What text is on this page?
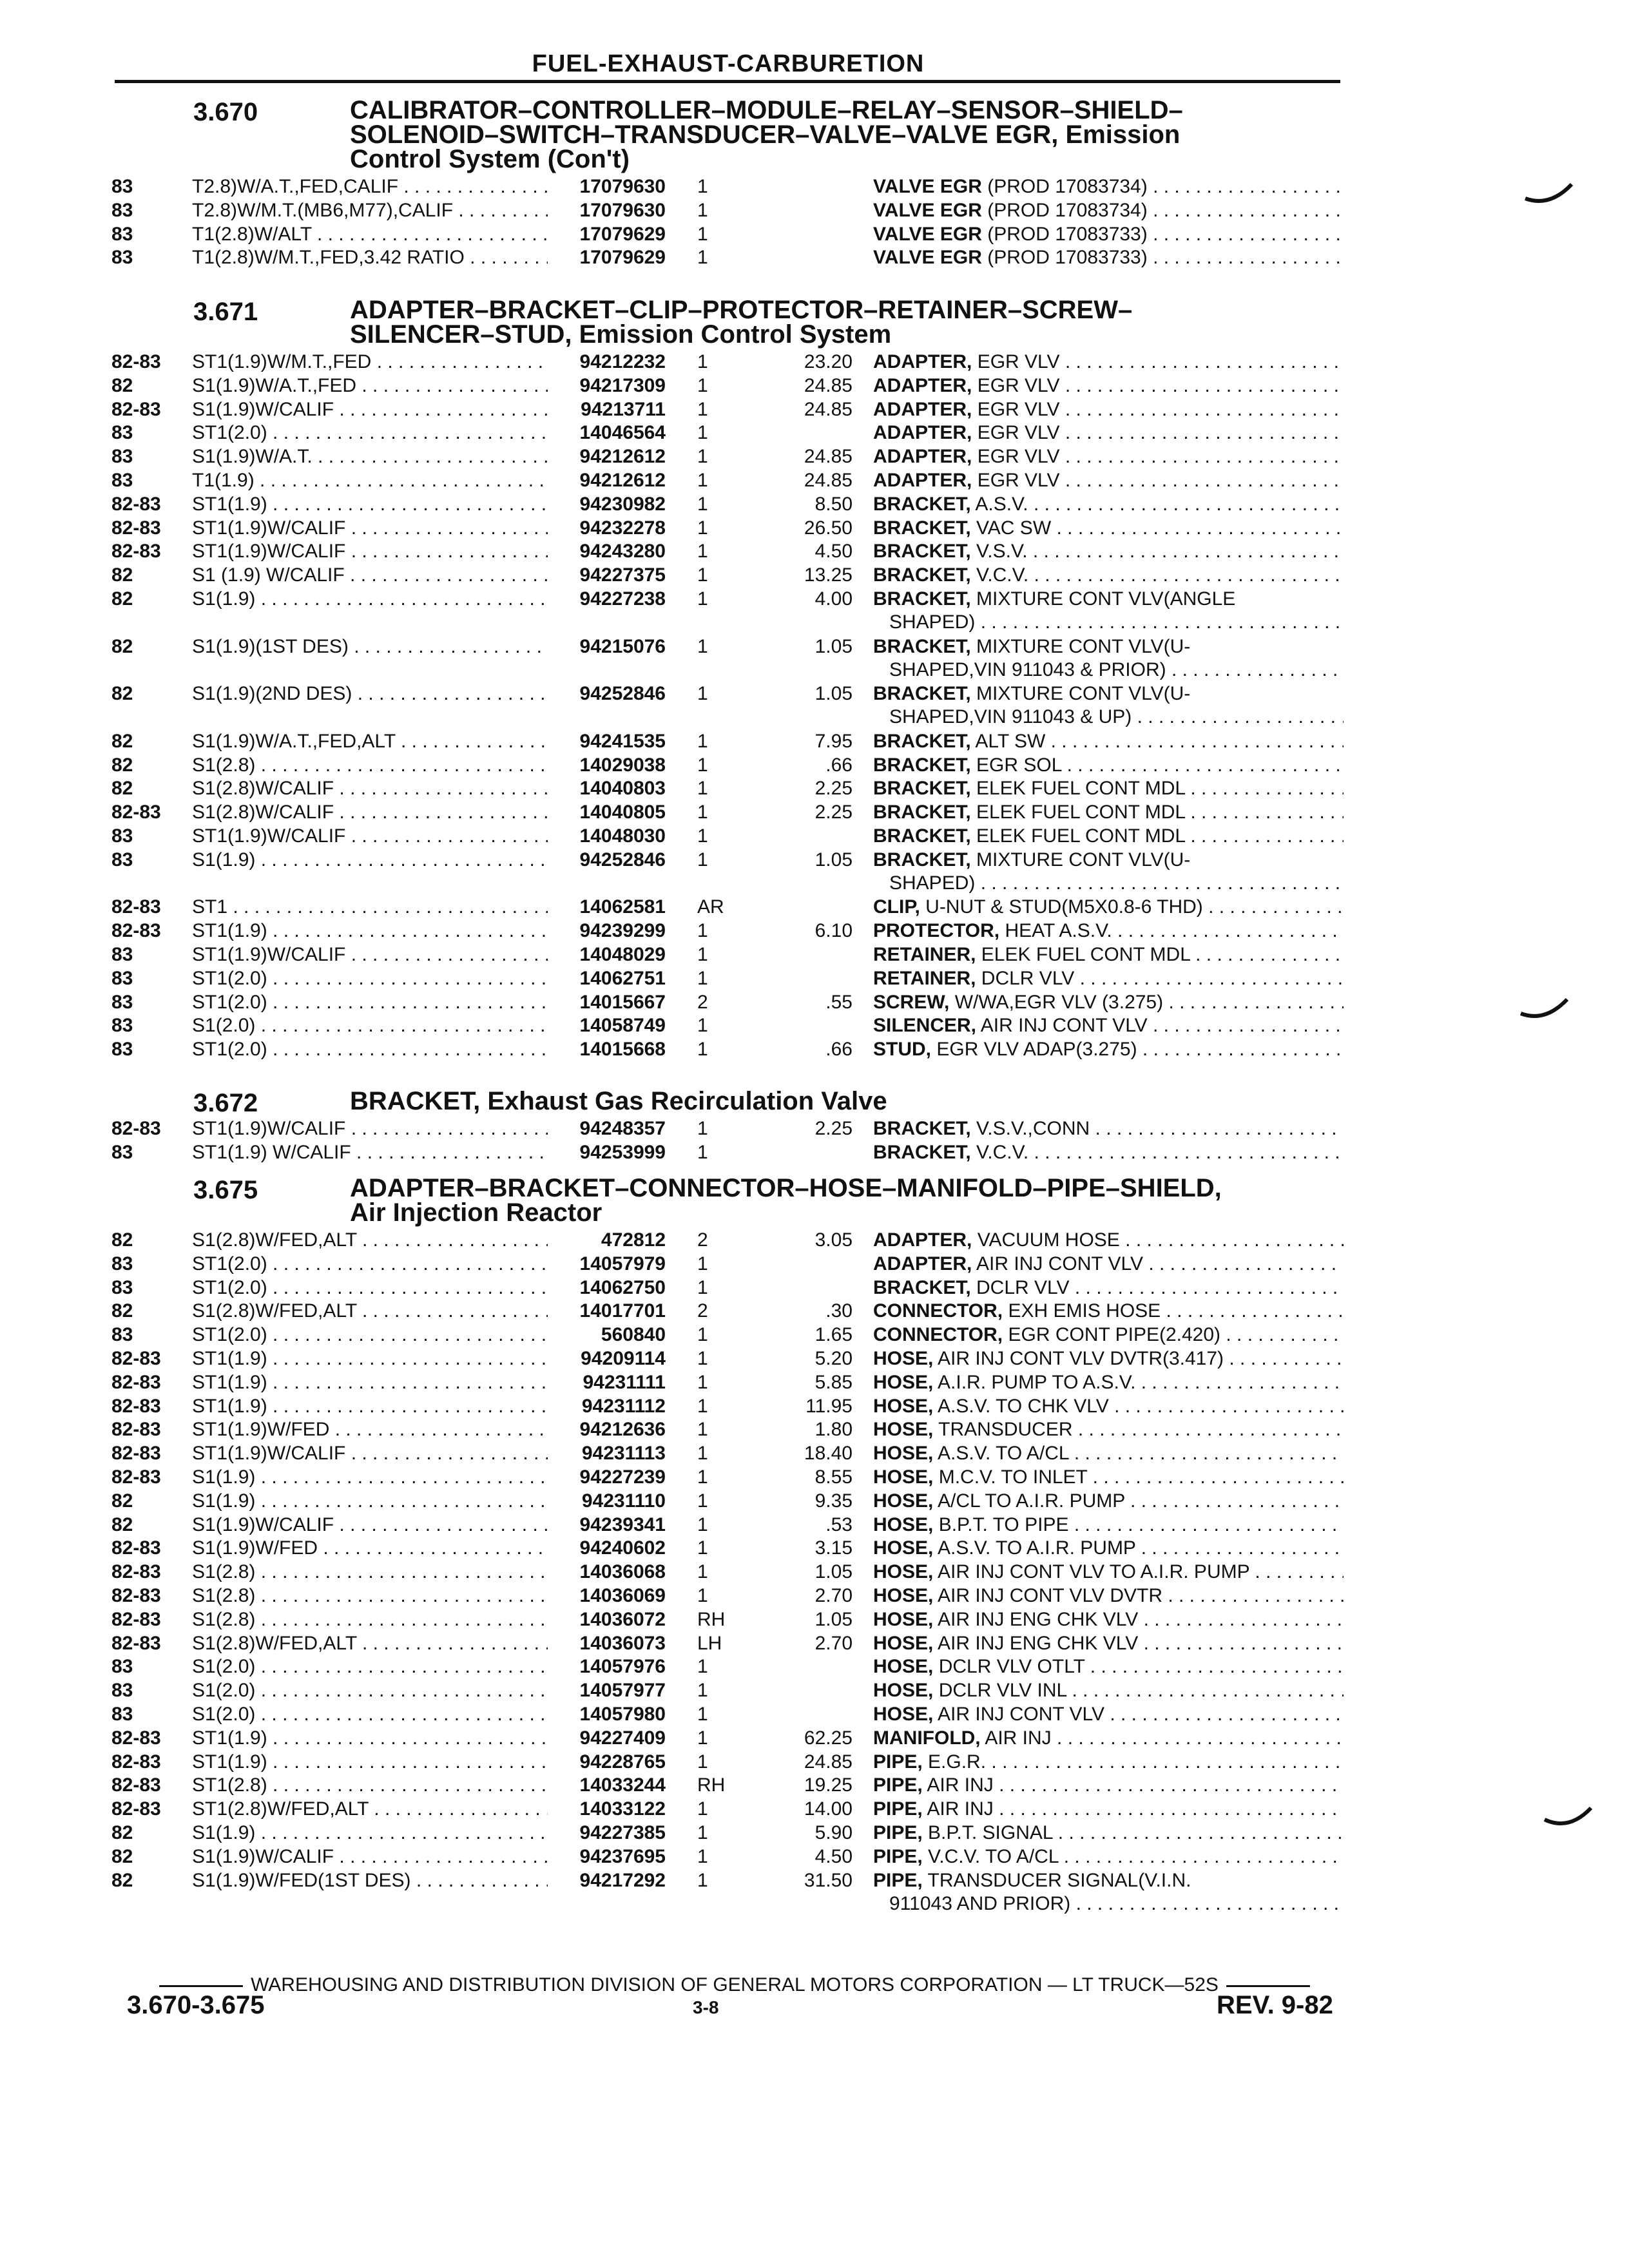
FUEL-EXHAUST-CARBURETION
3.670	CALIBRATOR–CONTROLLER–MODULE–RELAY–SENSOR–SHIELD–
SOLENOID–SWITCH–TRANSDUCER–VALVE–VALVE EGR, Emission
Control System (Con't)
83	T2.8)W/A.T.,FED,CALIF . . .	17079630 1	VALVE EGR (PROD 17083734) . . .
83	T2.8)W/M.T.(MB6,M77),CALIF . . .	17079630 1	VALVE EGR (PROD 17083734) . . .
83	T1(2.8)W/ALT . . .	17079629 1	VALVE EGR (PROD 17083733) . . .
83	T1(2.8)W/M.T.,FED,3.42 RATIO . . .	17079629 1	VALVE EGR (PROD 17083733) . . .
3.671	ADAPTER–BRACKET–CLIP–PROTECTOR–RETAINER–SCREW–
SILENCER–STUD, Emission Control System
82-83 ST1(1.9)W/M.T.,FED . . .	94212232 1	23.20 ADAPTER, EGR VLV . . .
82	S1(1.9)W/A.T.,FED . . .	94217309 1	24.85 ADAPTER, EGR VLV . . .
82-83 S1(1.9)W/CALIF . . .	94213711 1	24.85 ADAPTER, EGR VLV . . .
83	ST1(2.0) . . .	14046564 1	ADAPTER, EGR VLV . . .
83	S1(1.9)W/A.T. . . .	94212612 1	24.85 ADAPTER, EGR VLV . . .
83	T1(1.9) . . .	94212612 1	24.85 ADAPTER, EGR VLV . . .
82-83 ST1(1.9) . . .	94230982 1	8.50 BRACKET, A.S.V. . . .
82-83 ST1(1.9)W/CALIF . . .	94232278 1	26.50 BRACKET, VAC SW . . .
82-83 ST1(1.9)W/CALIF . . .	94243280 1	4.50 BRACKET, V.S.V. . . .
82	S1 (1.9) W/CALIF . . .	94227375 1	13.25 BRACKET, V.C.V. . . .
82	S1(1.9) . . .	94227238 1	4.00 BRACKET, MIXTURE CONT VLV(ANGLE
SHAPED) . . .
82	S1(1.9)(1ST DES) . . .	94215076 1	1.05 BRACKET, MIXTURE CONT VLV(U-
SHAPED,VIN 911043 & PRIOR) . . .
82	S1(1.9)(2ND DES) . . .	94252846 1	1.05 BRACKET, MIXTURE CONT VLV(U-
SHAPED,VIN 911043 & UP) . . .
82	S1(1.9)W/A.T.,FED,ALT . . .	94241535 1	7.95 BRACKET, ALT SW . . .
82	S1(2.8) . . .	14029038 1	.66 BRACKET, EGR SOL . . .
82	S1(2.8)W/CALIF . . .	14040803 1	2.25 BRACKET, ELEK FUEL CONT MDL . . .
82-83 S1(2.8)W/CALIF . . .	14040805 1	2.25 BRACKET, ELEK FUEL CONT MDL . . .
83	ST1(1.9)W/CALIF . . .	14048030 1	BRACKET, ELEK FUEL CONT MDL . . .
83	S1(1.9) . . .	94252846 1	1.05 BRACKET, MIXTURE CONT VLV(U-
SHAPED) . . .
82-83 ST1 . . .	14062581 AR	CLIP, U-NUT & STUD(M5X0.8-6 THD) . . .
82-83 ST1(1.9) . . .	94239299 1	6.10 PROTECTOR, HEAT A.S.V. . . .
83	ST1(1.9)W/CALIF . . .	14048029 1	RETAINER, ELEK FUEL CONT MDL . . .
83	ST1(2.0) . . .	14062751 1	RETAINER, DCLR VLV . . .
83	ST1(2.0) . . .	14015667 2	.55 SCREW, W/WA,EGR VLV (3.275) . . .
83	S1(2.0) . . .	14058749 1	SILENCER, AIR INJ CONT VLV . . .
83	ST1(2.0) . . .	14015668 1	.66 STUD, EGR VLV ADAP(3.275) . . .
3.672	BRACKET, Exhaust Gas Recirculation Valve
82-83 ST1(1.9)W/CALIF . . .	94248357 1	2.25 BRACKET, V.S.V.,CONN . . .
83	ST1(1.9) W/CALIF . . .	94253999 1	BRACKET, V.C.V. . . .
3.675	ADAPTER–BRACKET–CONNECTOR–HOSE–MANIFOLD–PIPE–SHIELD,
Air Injection Reactor
82	S1(2.8)W/FED,ALT . . .	472812 2	3.05 ADAPTER, VACUUM HOSE . . .
83	ST1(2.0) . . .	14057979 1	ADAPTER, AIR INJ CONT VLV . . .
83	ST1(2.0) . . .	14062750 1	BRACKET, DCLR VLV . . .
82	S1(2.8)W/FED,ALT . . .	14017701 2	.30 CONNECTOR, EXH EMIS HOSE . . .
83	ST1(2.0) . . .	560840 1	1.65 CONNECTOR, EGR CONT PIPE(2.420) . . .
82-83 ST1(1.9) . . .	94209114 1	5.20 HOSE, AIR INJ CONT VLV DVTR(3.417) . . .
82-83 ST1(1.9) . . .	94231111 1	5.85 HOSE, A.I.R. PUMP TO A.S.V. . . .
82-83 ST1(1.9) . . .	94231112 1	11.95 HOSE, A.S.V. TO CHK VLV . . .
82-83 ST1(1.9)W/FED . . .	94212636 1	1.80 HOSE, TRANSDUCER . . .
82-83 ST1(1.9)W/CALIF . . .	94231113 1	18.40 HOSE, A.S.V. TO A/CL . . .
82-83 S1(1.9) . . .	94227239 1	8.55 HOSE, M.C.V. TO INLET . . .
82	S1(1.9) . . .	94231110 1	9.35 HOSE, A/CL TO A.I.R. PUMP . . .
82	S1(1.9)W/CALIF . . .	94239341 1	.53 HOSE, B.P.T. TO PIPE . . .
82-83 S1(1.9)W/FED . . .	94240602 1	3.15 HOSE, A.S.V. TO A.I.R. PUMP . . .
82-83 S1(2.8) . . .	14036068 1	1.05 HOSE, AIR INJ CONT VLV TO A.I.R. PUMP . . .
82-83 S1(2.8) . . .	14036069 1	2.70 HOSE, AIR INJ CONT VLV DVTR . . .
82-83 S1(2.8) . . .	14036072 RH	1.05 HOSE, AIR INJ ENG CHK VLV . . .
82-83 S1(2.8)W/FED,ALT . . .	14036073 LH	2.70 HOSE, AIR INJ ENG CHK VLV . . .
83	S1(2.0) . . .	14057976 1	HOSE, DCLR VLV OTLT . . .
83	S1(2.0) . . .	14057977 1	HOSE, DCLR VLV INL . . .
83	S1(2.0) . . .	14057980 1	HOSE, AIR INJ CONT VLV . . .
82-83 ST1(1.9) . . .	94227409 1	62.25 MANIFOLD, AIR INJ . . .
82-83 ST1(1.9) . . .	94228765 1	24.85 PIPE, E.G.R. . . .
82-83 ST1(2.8) . . .	14033244 RH	19.25 PIPE, AIR INJ . . .
82-83 ST1(2.8)W/FED,ALT . . .	14033122 1	14.00 PIPE, AIR INJ . . .
82	S1(1.9) . . .	94227385 1	5.90 PIPE, B.P.T. SIGNAL . . .
82	S1(1.9)W/CALIF . . .	94237695 1	4.50 PIPE, V.C.V. TO A/CL . . .
82	S1(1.9)W/FED(1ST DES) . . .	94217292 1	31.50 PIPE, TRANSDUCER SIGNAL(V.I.N.
911043 AND PRIOR) . . .
WAREHOUSING AND DISTRIBUTION DIVISION OF GENERAL MOTORS CORPORATION — LT TRUCK—52S
3.670-3.675	3-8	REV. 9-82
